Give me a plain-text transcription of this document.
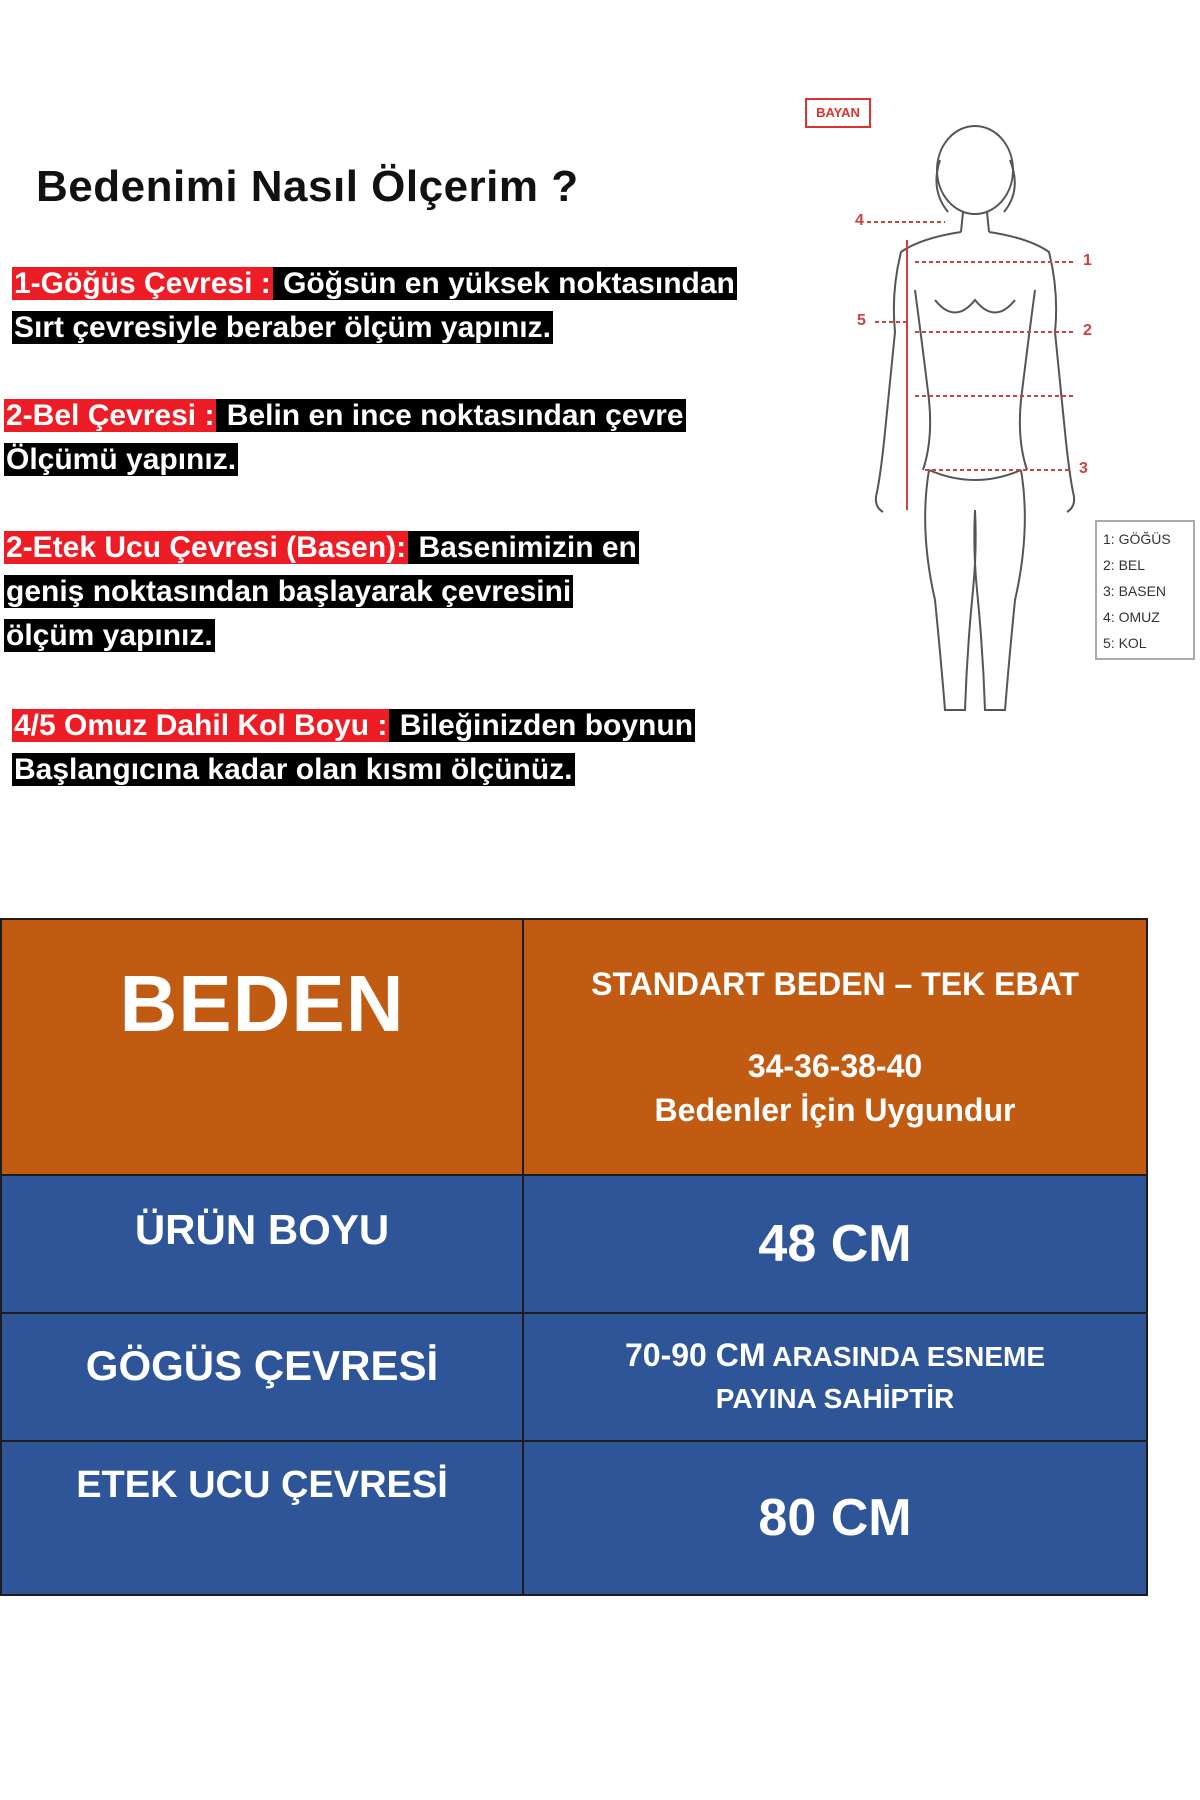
Bedenimi Nasıl Ölçerim ?
1-Göğüs Çevresi : Göğsün en yüksek noktasından
Sırt çevresiyle beraber ölçüm yapınız.
2-Bel Çevresi : Belin en ince noktasından çevre
Ölçümü yapınız.
2-Etek Ucu Çevresi (Basen): Basenimizin en
geniş noktasından başlayarak çevresini
ölçüm yapınız.
4/5 Omuz Dahil Kol Boyu : Bileğinizden boynun
Başlangıcına kadar olan kısmı ölçünüz.
BAYAN
4
5
1
2
3
1: GÖĞÜS
2: BEL
3: BASEN
4: OMUZ
5: KOL
BEDEN	STANDART BEDEN – TEK EBAT
34-36-38-40
Bedenler İçin Uygundur

ÜRÜN BOYU	48 CM
GÖGÜS ÇEVRESİ	70-90 CM ARASINDA ESNEME
PAYINA SAHİPTİR
ETEK UCU ÇEVRESİ	80 CM
